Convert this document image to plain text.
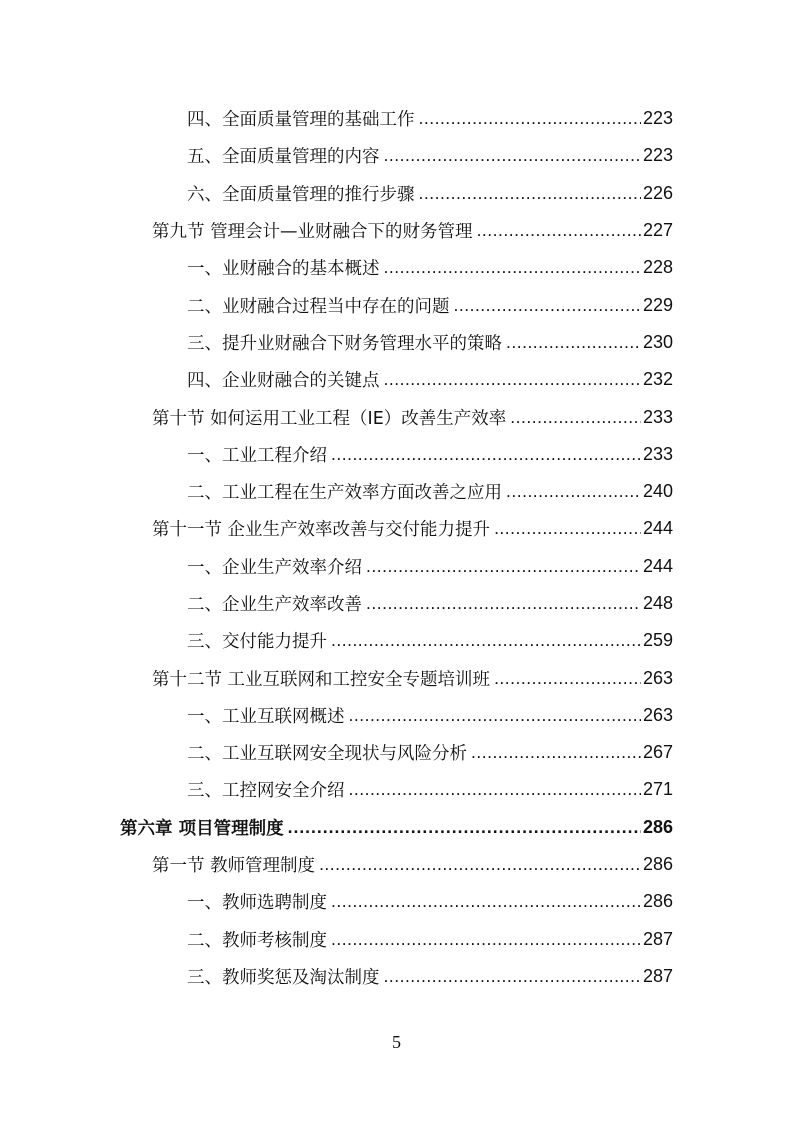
四、全面质量管理的基础工作 .....	223
五、全面质量管理的内容 .....	223
六、全面质量管理的推行步骤 .....	226
第九节 管理会计—业财融合下的财务管理 .....	227
一、业财融合的基本概述 .....	228
二、业财融合过程当中存在的问题 .....	229
三、提升业财融合下财务管理水平的策略 .....	230
四、企业财融合的关键点 .....	232
第十节 如何运用工业工程（IE）改善生产效率 .....	233
一、工业工程介绍 .....	233
二、工业工程在生产效率方面改善之应用 .....	240
第十一节 企业生产效率改善与交付能力提升 .....	244
一、企业生产效率介绍 .....	244
二、企业生产效率改善 .....	248
三、交付能力提升 .....	259
第十二节 工业互联网和工控安全专题培训班 .....	263
一、工业互联网概述 .....	263
二、工业互联网安全现状与风险分析 .....	267
三、工控网安全介绍 .....	271
第六章 项目管理制度 .....	286
第一节 教师管理制度 .....	286
一、教师选聘制度 .....	286
二、教师考核制度 .....	287
三、教师奖惩及淘汰制度 .....	287
5
